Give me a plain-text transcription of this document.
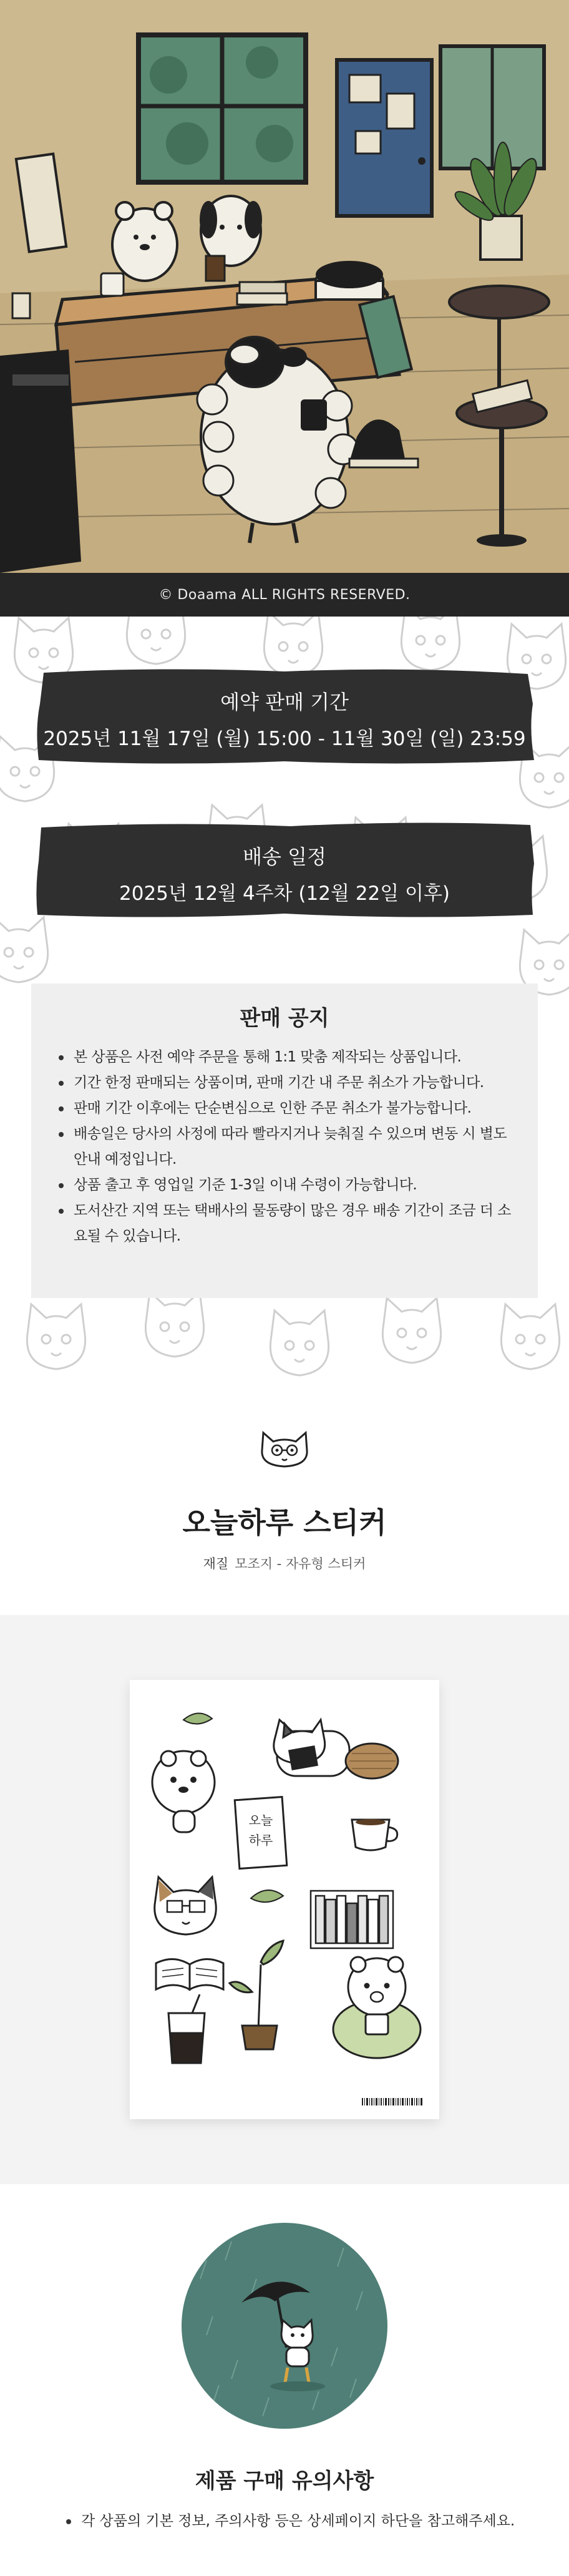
© Doaama ALL RIGHTS RESERVED.
예약 판매 기간
2025년 11월 17일 (월) 15:00 - 11월 30일 (일) 23:59
배송 일정
2025년 12월 4주차 (12월 22일 이후)
판매 공지
본 상품은 사전 예약 주문을 통해 1:1 맞춤 제작되는 상품입니다.
기간 한정 판매되는 상품이며, 판매 기간 내 주문 취소가 가능합니다.
판매 기간 이후에는 단순변심으로 인한 주문 취소가 불가능합니다.
배송일은 당사의 사정에 따라 빨라지거나 늦춰질 수 있으며 변동 시 별도 안내 예정입니다.
상품 출고 후 영업일 기준 1-3일 이내 수령이 가능합니다.
도서산간 지역 또는 택배사의 물동량이 많은 경우 배송 기간이 조금 더 소요될 수 있습니다.
오늘하루 스티커
재질 모조지 - 자유형 스티커
오늘
하루
제품 구매 유의사항
각 상품의 기본 정보, 주의사항 등은 상세페이지 하단을 참고해주세요.
